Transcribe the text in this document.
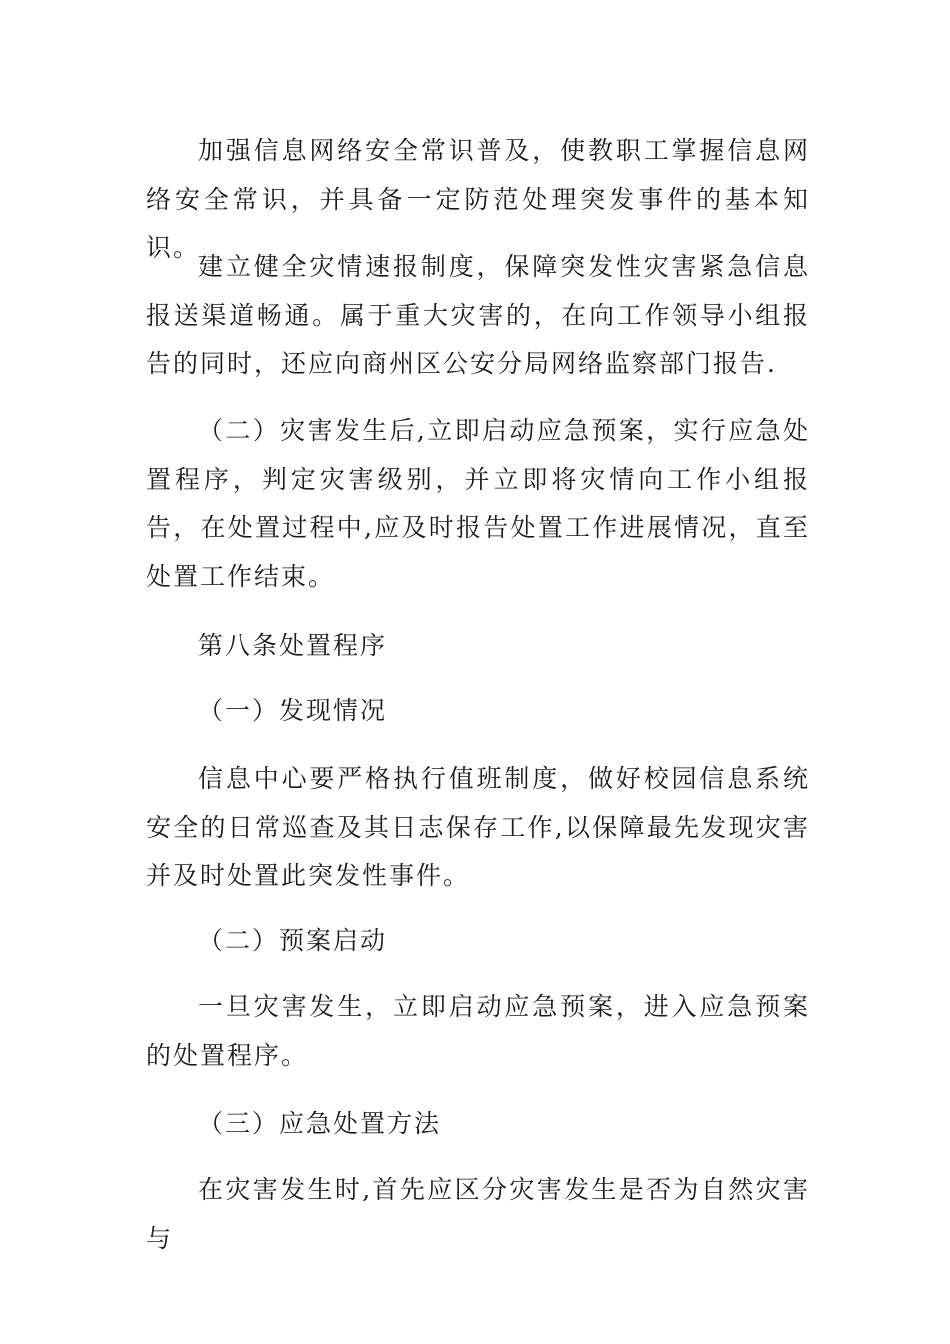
加强信息网络安全常识普及，使教职工掌握信息网络安全常识，并具备一定防范处理突发事件的基本知识。

建立健全灾情速报制度，保障突发性灾害紧急信息报送渠道畅通。属于重大灾害的，在向工作领导小组报告的同时，还应向商州区公安分局网络监察部门报告.

（二）灾害发生后,立即启动应急预案，实行应急处置程序，判定灾害级别，并立即将灾情向工作小组报告，在处置过程中,应及时报告处置工作进展情况，直至处置工作结束。

第八条处置程序

（一）发现情况

信息中心要严格执行值班制度，做好校园信息系统安全的日常巡查及其日志保存工作,以保障最先发现灾害并及时处置此突发性事件。

（二）预案启动

一旦灾害发生，立即启动应急预案，进入应急预案的处置程序。

（三）应急处置方法

在灾害发生时,首先应区分灾害发生是否为自然灾害与
